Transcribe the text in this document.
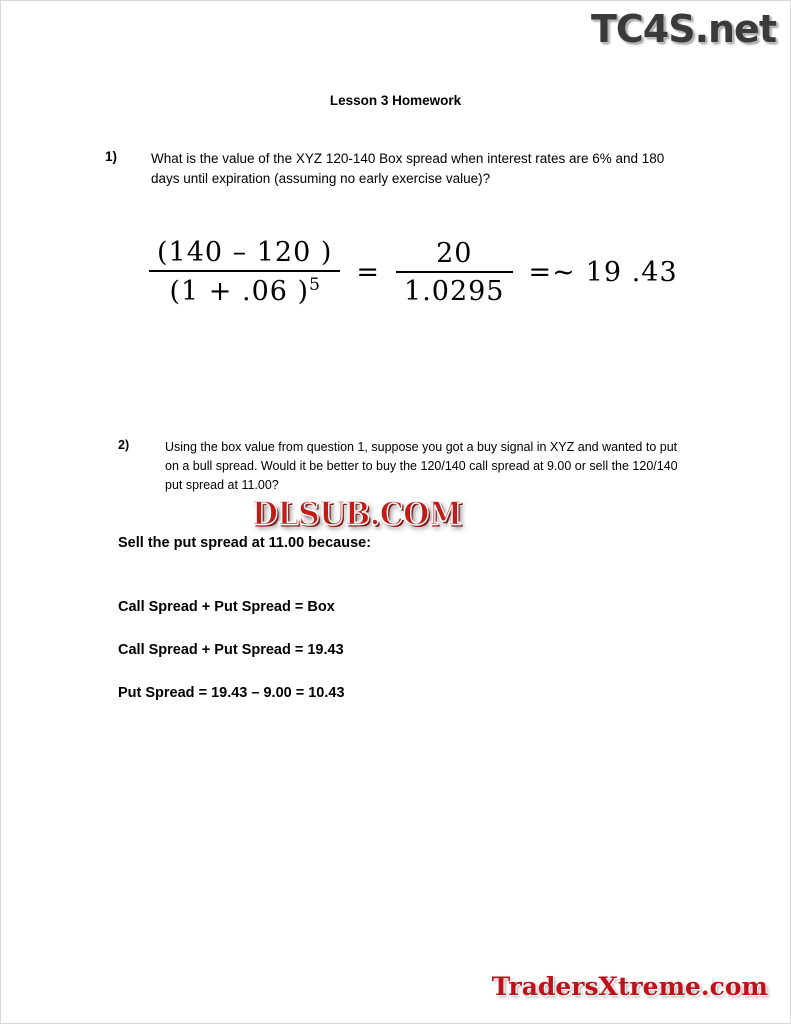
TC4S.net
Lesson 3 Homework
1)	What is the value of the XYZ 120-140 Box spread when interest rates are 6% and 180 days until expiration (assuming no early exercise value)?
$\frac{(140 - 120 )}{(1 + .06 )^5} = \frac{20}{1.0295}$ =~ 19 .43
2)	Using the box value from question 1, suppose you got a buy signal in XYZ and wanted to put on a bull spread. Would it be better to buy the 120/140 call spread at 9.00 or sell the 120/140 put spread at 11.00?
DLSUB.COM
Sell the put spread at 11.00 because:
Call Spread + Put Spread = Box
Call Spread + Put Spread = 19.43
Put Spread = 19.43 – 9.00 = 10.43
TradersXtreme.com
